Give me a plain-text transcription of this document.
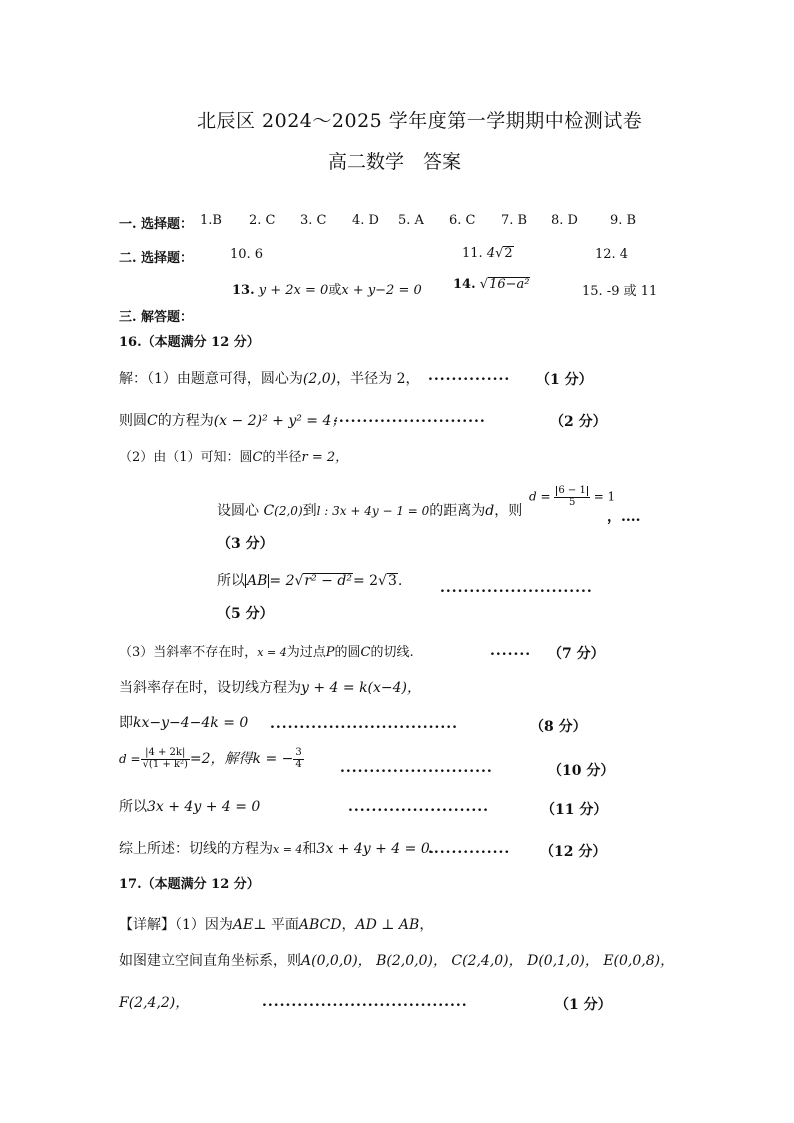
北辰区 2024～2025 学年度第一学期期中检测试卷
高二数学　答案
一. 选择题： 1.B 2. C 3. C 4. D 5. A 6. C 7. B 8. D 9. B
二. 选择题：	10. 6	11. 4√2	12. 4
13. y + 2x = 0或x + y−2 = 0 14. √16−a²	15. -9 或 11
三. 解答题：
16.（本题满分 12 分）
解：（1）由题意可得，圆心为(2,0)，半径为 2， .............. （1 分）
则圆C的方程为(x − 2)² + y² = 4；
..........................	（2 分）
（2）由（1）可知：圆C的半径r = 2，
设圆心 C(2,0)到l : 3x + 4y − 1 = 0的距离为d，则
$d = \frac{6 - 1}{5} = 1$
，....
（3 分）
所以 AB = 2√r² − d²= 2√3.	..........................
（5 分）
（3）当斜率不存在时，x = 4为过点P的圆C的切线.	....... （7 分）
当斜率存在时，设切线方程为y + 4 = k(x−4)，
即kx−y−4−4k = 0 ................................	（8 分）
$d = \frac{|4 + 2k|}{\text{√(1 + k²)}} =2$，解得k = − $\frac{3}{4}$	..........................	（10 分）
所以3x + 4y + 4 = 0	........................	（11 分）
综上所述：切线的方程为x = 4和3x + 4y + 4 = 0.
.............. （12 分）
17.（本题满分 12 分）
【详解】（1）因为AE⊥ 平面ABCD，AD ⊥ AB，
如图建立空间直角坐标系，则A(0,0,0)， B(2,0,0)， C(2,4,0)， D(0,1,0)， E(0,0,8)，
F(2,4,2)，	...................................	（1 分）
